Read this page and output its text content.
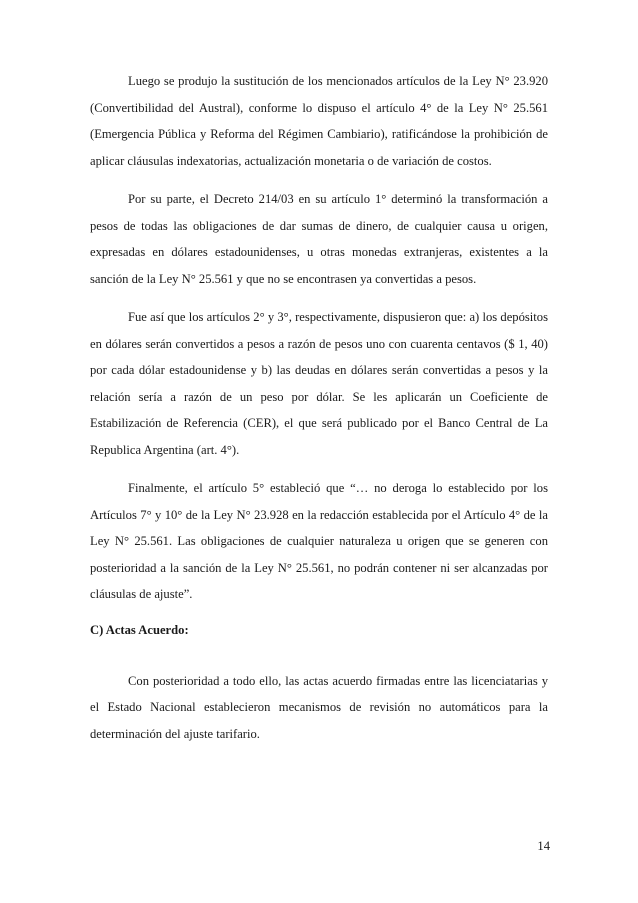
Luego se produjo la sustitución de los mencionados artículos de la Ley N° 23.920 (Convertibilidad del Austral), conforme lo dispuso el artículo 4° de la Ley N° 25.561 (Emergencia Pública y Reforma del Régimen Cambiario), ratificándose la prohibición de aplicar cláusulas indexatorias, actualización monetaria o de variación de costos.

Por su parte, el Decreto 214/03 en su artículo 1° determinó la transformación a pesos de todas las obligaciones de dar sumas de dinero, de cualquier causa u origen, expresadas en dólares estadounidenses, u otras monedas extranjeras, existentes a la sanción de la Ley N° 25.561 y que no se encontrasen ya convertidas a pesos.

Fue así que los artículos 2° y 3°, respectivamente, dispusieron que: a) los depósitos en dólares serán convertidos a pesos a razón de pesos uno con cuarenta centavos ($ 1, 40) por cada dólar estadounidense y b) las deudas en dólares serán convertidas a pesos y la relación sería a razón de un peso por dólar. Se les aplicarán un Coeficiente de Estabilización de Referencia (CER), el que será publicado por el Banco Central de La Republica Argentina (art. 4°).

Finalmente, el artículo 5° estableció que “… no deroga lo establecido por los Artículos 7° y 10° de la Ley N° 23.928 en la redacción establecida por el Artículo 4° de la Ley N° 25.561. Las obligaciones de cualquier naturaleza u origen que se generen con posterioridad a la sanción de la Ley N° 25.561, no podrán contener ni ser alcanzadas por cláusulas de ajuste”.

C) Actas Acuerdo:

Con posterioridad a todo ello, las actas acuerdo firmadas entre las licenciatarias y el Estado Nacional establecieron mecanismos de revisión no automáticos para la determinación del ajuste tarifario.

14
